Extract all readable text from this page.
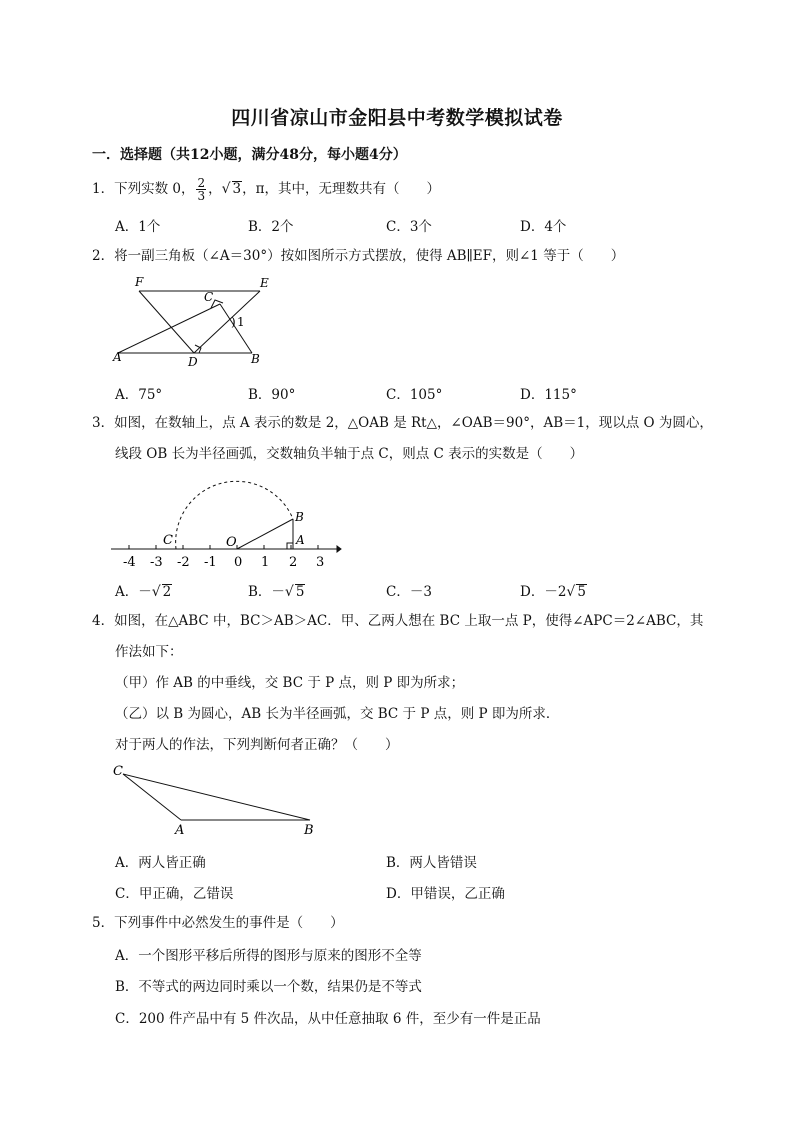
四川省凉山市金阳县中考数学模拟试卷
一．选择题（共12小题，满分48分，每小题4分）
1．下列实数 0， $\frac{2}{3}$ ，√ 3，π，其中，无理数共有（　　）
A．1个	B．2个	C．3个	D．4个
2．将一副三角板（∠A＝30°）按如图所示方式摆放，使得 AB∥EF，则∠1 等于（　　）
F	E
C
1
A	D	B
)
A．75°	B．90°	C．105°	D．115°
3．如图，在数轴上，点 A 表示的数是 2，△OAB 是 Rt△，∠OAB＝90°，AB＝1，现以点 O 为圆心，
线段 OB 长为半径画弧，交数轴负半轴于点 C，则点 C 表示的实数是（　　）
-4 -3 -2 -1 0 1 2 3
C	O
B
A
A．－√ 2	B．－√ 5	C．－3	D．－2√ 5
4．如图，在△ABC 中，BC＞AB＞AC．甲、乙两人想在 BC 上取一点 P，使得∠APC＝2∠ABC，其
作法如下：
（甲）作 AB 的中垂线，交 BC 于 P 点，则 P 即为所求；
（乙）以 B 为圆心，AB 长为半径画弧，交 BC 于 P 点，则 P 即为所求．
对于两人的作法，下列判断何者正确？（　　）
C
A	B
A．两人皆正确	B．两人皆错误
C．甲正确，乙错误	D．甲错误，乙正确
5．下列事件中必然发生的事件是（　　）
A．一个图形平移后所得的图形与原来的图形不全等
B．不等式的两边同时乘以一个数，结果仍是不等式
C．200 件产品中有 5 件次品，从中任意抽取 6 件，至少有一件是正品
